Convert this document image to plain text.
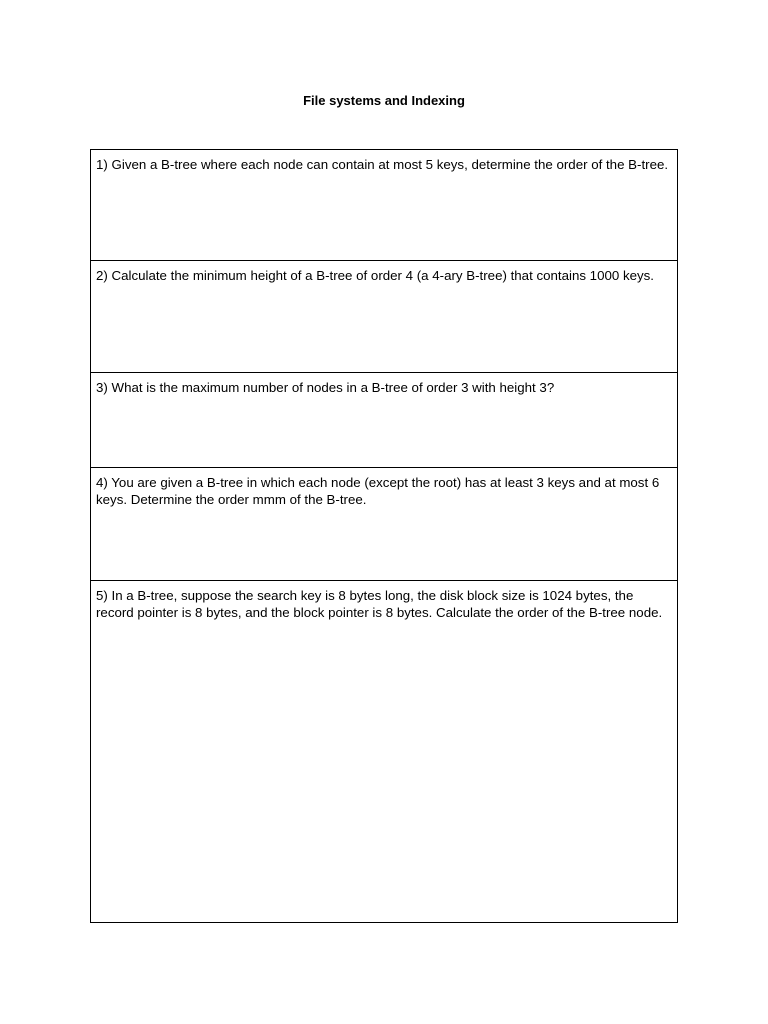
File systems and Indexing
1) Given a B-tree where each node can contain at most 5 keys, determine the order of the B-tree.
2) Calculate the minimum height of a B-tree of order 4 (a 4-ary B-tree) that contains 1000 keys.
3) What is the maximum number of nodes in a B-tree of order 3 with height 3?
4) You are given a B-tree in which each node (except the root) has at least 3 keys and at most 6 keys. Determine the order mmm of the B-tree.
5) In a B-tree, suppose the search key is 8 bytes long, the disk block size is 1024 bytes, the record pointer is 8 bytes, and the block pointer is 8 bytes. Calculate the order of the B-tree node.
